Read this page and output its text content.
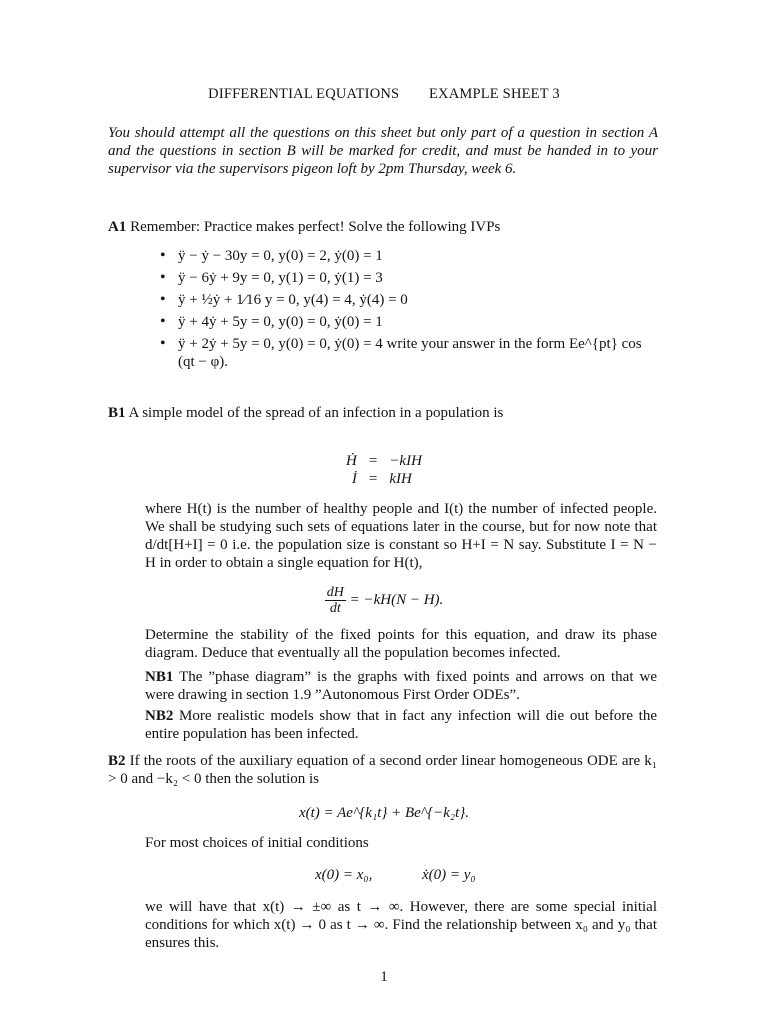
DIFFERENTIAL EQUATIONS EXAMPLE SHEET 3
You should attempt all the questions on this sheet but only part of a question in section A and the questions in section B will be marked for credit, and must be handed in to your supervisor via the supervisors pigeon loft by 2pm Thursday, week 6.
A1 Remember: Practice makes perfect! Solve the following IVPs
• ÿ − ẏ − 30y = 0, y(0) = 2, ẏ(0) = 1
• ÿ − 6ẏ + 9y = 0, y(1) = 0, ẏ(1) = 3
• ÿ + ½ẏ + 1⁄16 y = 0, y(4) = 4, ẏ(4) = 0
• ÿ + 4ẏ + 5y = 0, y(0) = 0, ẏ(0) = 1
• ÿ + 2ẏ + 5y = 0, y(0) = 0, ẏ(0) = 4 write your answer in the form Ee^{pt} cos (qt − φ).
B1 A simple model of the spread of an infection in a population is
Ḣ	=	−kIH
İ	=	kIH
where H(t) is the number of healthy people and I(t) the number of infected people. We shall be studying such sets of equations later in the course, but for now note that d/dt[H+I] = 0 i.e. the population size is constant so H+I = N say. Substitute I = N − H in order to obtain a single equation for H(t),
$\frac{dH}{dt} = -kH(N - H)$.
Determine the stability of the fixed points for this equation, and draw its phase diagram. Deduce that eventually all the population becomes infected.
NB1 The ”phase diagram” is the graphs with fixed points and arrows on that we were drawing in section 1.9 ”Autonomous First Order ODEs”.
NB2 More realistic models show that in fact any infection will die out before the entire population has been infected.
B2 If the roots of the auxiliary equation of a second order linear homogeneous ODE are k₁ > 0 and −k₂ < 0 then the solution is
x(t) = Ae^{k₁t} + Be^{−k₂t}.
For most choices of initial conditions
x(0) = x₀,	ẋ(0) = y₀
we will have that x(t) → ±∞ as t → ∞. However, there are some special initial conditions for which x(t) → 0 as t → ∞. Find the relationship between x₀ and y₀ that ensures this.
1
